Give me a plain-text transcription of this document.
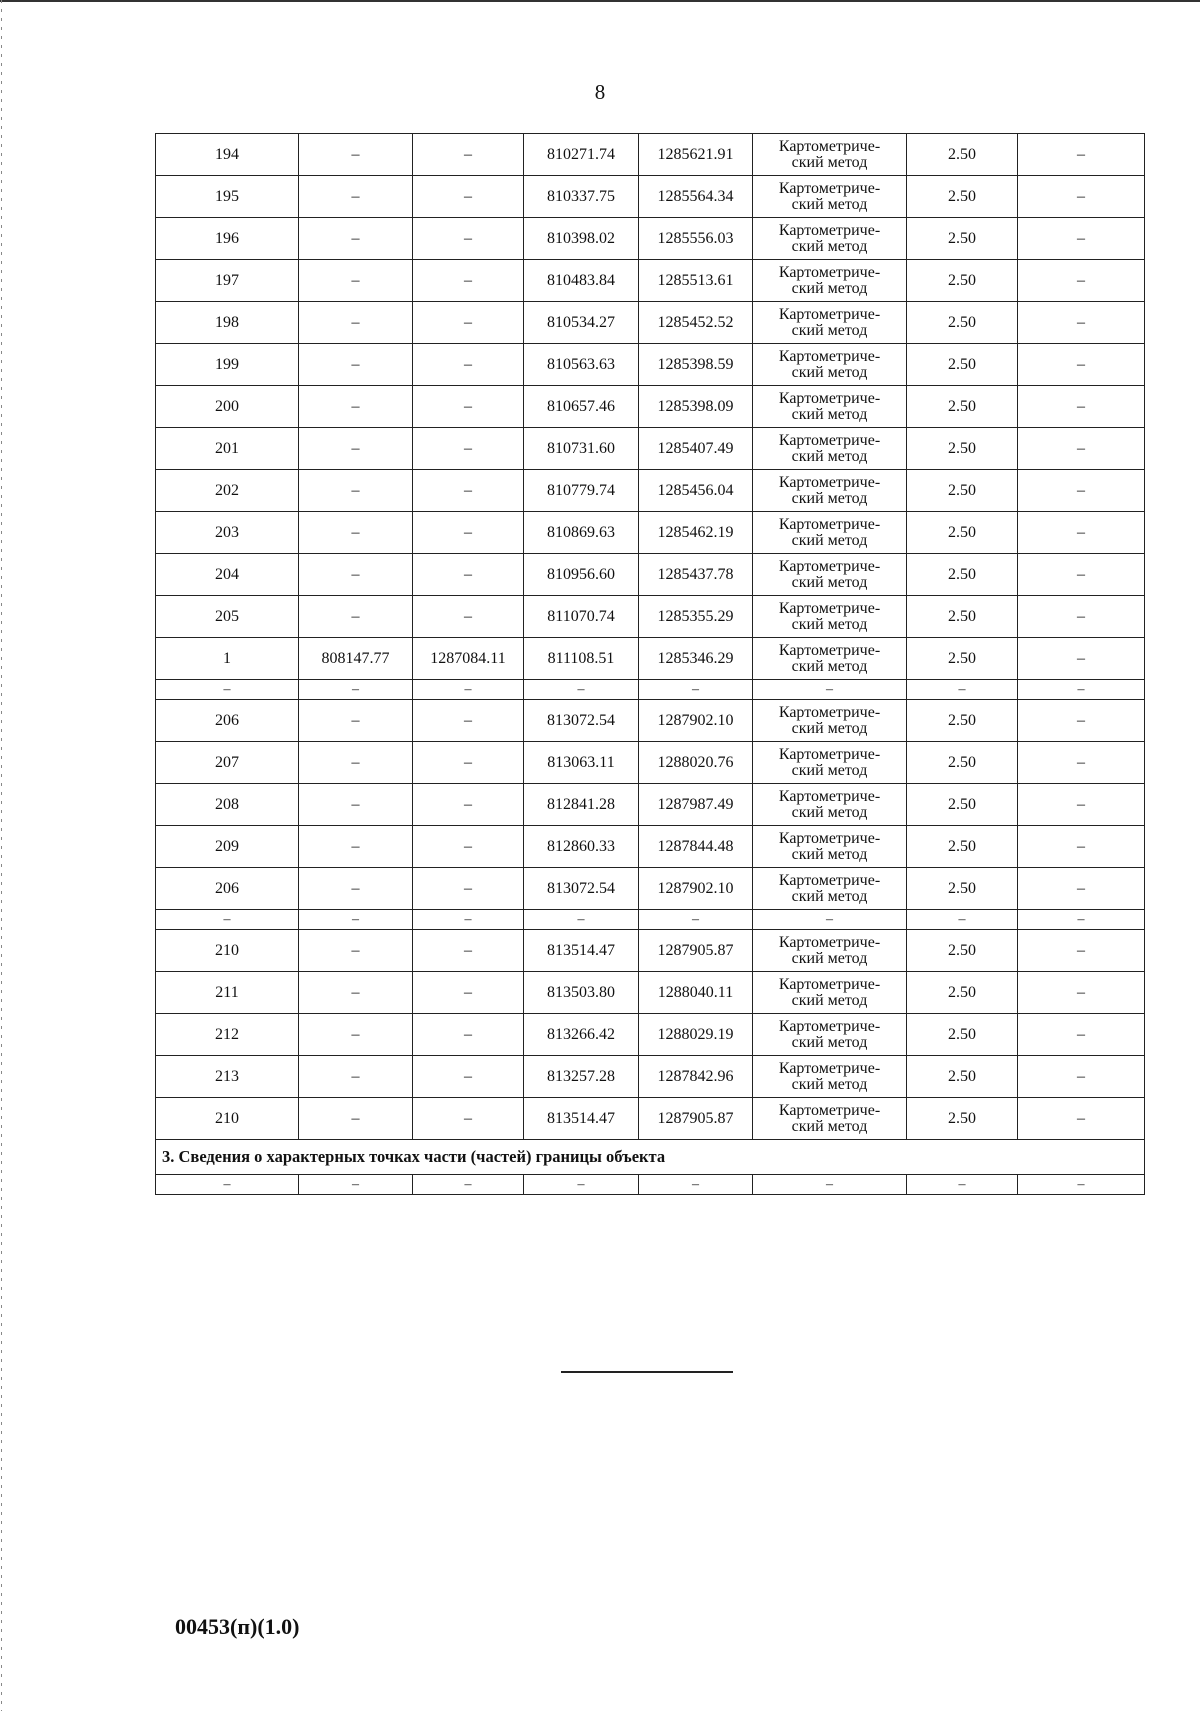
8
194	–	–	810271.74	1285621.91	Картометриче-
ский метод	2.50	–
195	–	–	810337.75	1285564.34	Картометриче-
ский метод	2.50	–
196	–	–	810398.02	1285556.03	Картометриче-
ский метод	2.50	–
197	–	–	810483.84	1285513.61	Картометриче-
ский метод	2.50	–
198	–	–	810534.27	1285452.52	Картометриче-
ский метод	2.50	–
199	–	–	810563.63	1285398.59	Картометриче-
ский метод	2.50	–
200	–	–	810657.46	1285398.09	Картометриче-
ский метод	2.50	–
201	–	–	810731.60	1285407.49	Картометриче-
ский метод	2.50	–
202	–	–	810779.74	1285456.04	Картометриче-
ский метод	2.50	–
203	–	–	810869.63	1285462.19	Картометриче-
ский метод	2.50	–
204	–	–	810956.60	1285437.78	Картометриче-
ский метод	2.50	–
205	–	–	811070.74	1285355.29	Картометриче-
ский метод	2.50	–
1	808147.77	1287084.11	811108.51	1285346.29	Картометриче-
ский метод	2.50	–
–	–	–	–	–	–	–	–
206	–	–	813072.54	1287902.10	Картометриче-
ский метод	2.50	–
207	–	–	813063.11	1288020.76	Картометриче-
ский метод	2.50	–
208	–	–	812841.28	1287987.49	Картометриче-
ский метод	2.50	–
209	–	–	812860.33	1287844.48	Картометриче-
ский метод	2.50	–
206	–	–	813072.54	1287902.10	Картометриче-
ский метод	2.50	–
–	–	–	–	–	–	–	–
210	–	–	813514.47	1287905.87	Картометриче-
ский метод	2.50	–
211	–	–	813503.80	1288040.11	Картометриче-
ский метод	2.50	–
212	–	–	813266.42	1288029.19	Картометриче-
ский метод	2.50	–
213	–	–	813257.28	1287842.96	Картометриче-
ский метод	2.50	–
210	–	–	813514.47	1287905.87	Картометриче-
ский метод	2.50	–
3. Сведения о характерных точках части (частей) границы объекта							
–	–	–	–	–	–	–	–
00453(п)(1.0)
